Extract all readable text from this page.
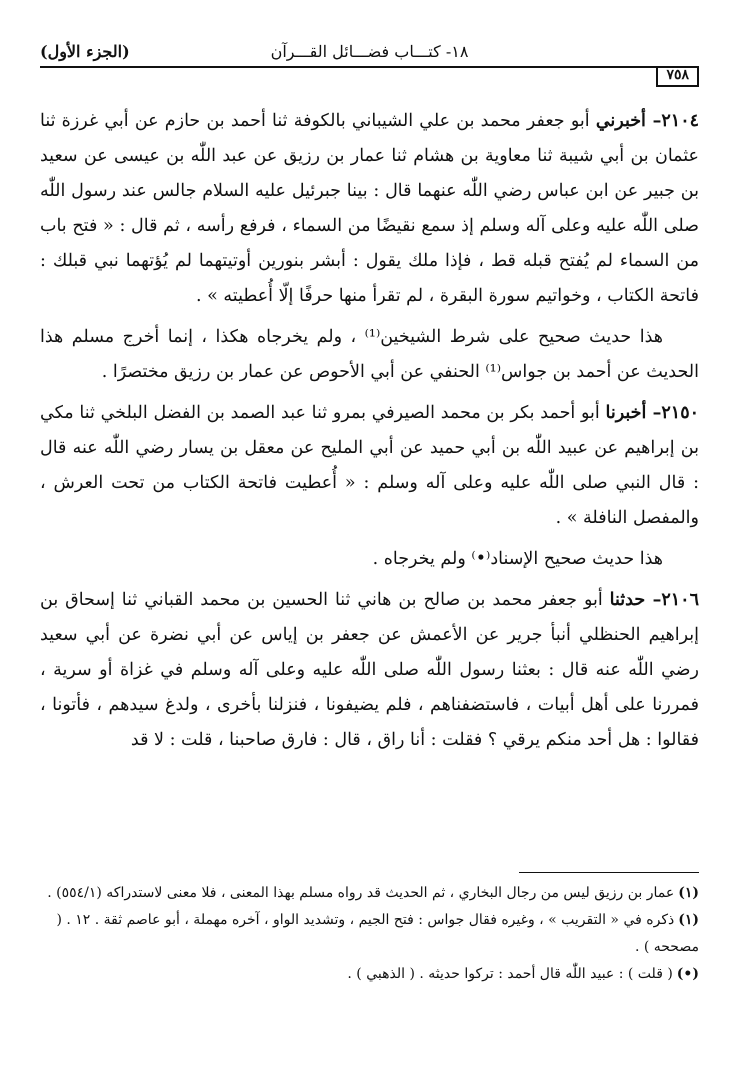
١٨- كتـــاب فضـــائل القـــرآن
(الجزء الأول)
٧٥٨

٢١٠٤– أخبرني أبو جعفر محمد بن علي الشيباني بالكوفة ثنا أحمد بن حازم عن أبي غرزة ثنا عثمان بن أبي شيبة ثنا معاوية بن هشام ثنا عمار بن رزيق عن عبد اللّٰه بن عيسى عن سعيد بن جبير عن ابن عباس رضي اللّٰه عنهما قال : بينا جبرئيل عليه السلام جالس عند رسول اللّٰه صلى اللّٰه عليه وعلى آله وسلم إذ سمع نقيضًا من السماء ، فرفع رأسه ، ثم قال : « فتح باب من السماء لم يُفتح قبله قط ، فإذا ملك يقول : أبشر بنورين أوتيتهما لم يُؤتهما نبي قبلك : فاتحة الكتاب ، وخواتيم سورة البقرة ، لم تقرأ منها حرفًا إلّا أُعطيته » .

هذا حديث صحيح على شرط الشيخين⁽¹⁾ ، ولم يخرجاه هكذا ، إنما أخرج مسلم هذا الحديث عن أحمد بن جواس⁽¹⁾ الحنفي عن أبي الأحوص عن عمار بن رزيق مختصرًا .

٢١٥٠– أخبرنا أبو أحمد بكر بن محمد الصيرفي بمرو ثنا عبد الصمد بن الفضل البلخي ثنا مكي بن إبراهيم عن عبيد اللّٰه بن أبي حميد عن أبي المليح عن معقل بن يسار رضي اللّٰه عنه قال : قال النبي صلى اللّٰه عليه وعلى آله وسلم : « أُعطيت فاتحة الكتاب من تحت العرش ، والمفصل النافلة » .

هذا حديث صحيح الإسناد⁽•⁾ ولم يخرجاه .

٢١٠٦– حدثنا أبو جعفر محمد بن صالح بن هاني ثنا الحسين بن محمد القباني ثنا إسحاق بن إبراهيم الحنظلي أنبأ جرير عن الأعمش عن جعفر بن إياس عن أبي نضرة عن أبي سعيد رضي اللّٰه عنه قال : بعثنا رسول اللّٰه صلى اللّٰه عليه وعلى آله وسلم في غزاة أو سرية ، فمررنا على أهل أبيات ، فاستضفناهم ، فلم يضيفونا ، فنزلنا بأخرى ، ولدغ سيدهم ، فأتونا ، فقالوا : هل أحد منكم يرقي ؟ فقلت : أنا راق ، قال : فارق صاحبنا ، قلت : لا قد

(١)عمار بن رزيق ليس من رجال البخاري ، ثم الحديث قد رواه مسلم بهذا المعنى ، فلا معنى لاستدراكه (٥٥٤/١) .
(١)ذكره في « التقريب » ، وغيره فقال جواس : فتح الجيم ، وتشديد الواو ، آخره مهملة ، أبو عاصم ثقة . ١٢ . ( مصححه ) .
(•)( قلت ) : عبيد اللّٰه قال أحمد : تركوا حديثه . ( الذهبي ) .
